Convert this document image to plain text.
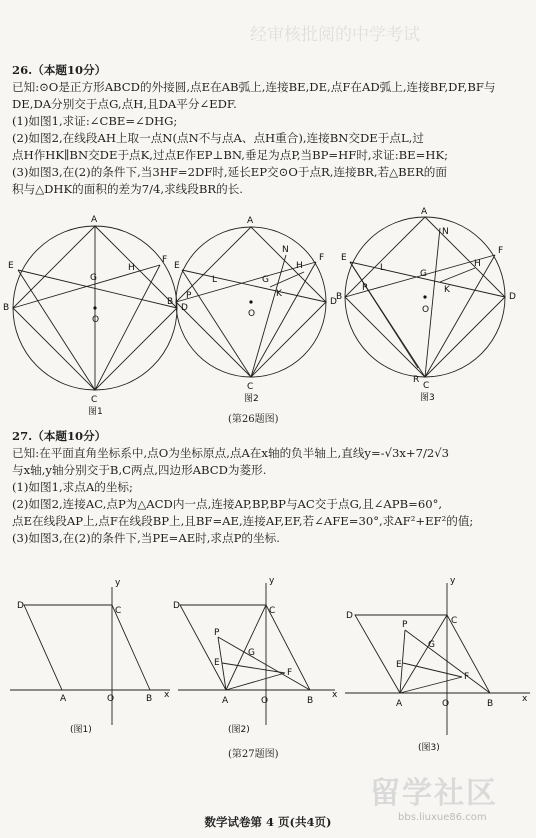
经审核批阅的中学考试
26.（本题10分）
已知:⊙O是正方形ABCD的外接圆,点E在AB弧上,连接BE,DE,点F在AD弧上,连接BF,DF,BF与
DE,DA分别交于点G,点H,且DA平分∠EDF.
(1)如图1,求证:∠CBE=∠DHG;
(2)如图2,在线段AH上取一点N(点N不与点A、点H重合),连接BN交DE于点L,过
点H作HK∥BN交DE于点K,过点E作EP⊥BN,垂足为点P,当BP=HF时,求证:BE=HK;
(3)如图3,在(2)的条件下,当3HF=2DF时,延长EP交⊙O于点R,连接BR,若△BER的面
积与△DHK的面积的差为7/4,求线段BR的长.
A
D
C
B
E
F
G
H
O
图1
A
D
C
B
E
F
L
N
G
H
K
P
O
图2
A
D
C
R
B
E
F
L
N
G
H
K
P
O
图3
(第26题图)
27.（本题10分）
已知:在平面直角坐标系中,点O为坐标原点,点A在x轴的负半轴上,直线y=-√3x+7/2√3
与x轴,y轴分别交于B,C两点,四边形ABCD为菱形.
(1)如图1,求点A的坐标;
(2)如图2,连接AC,点P为△ACD内一点,连接AP,BP,BP与AC交于点G,且∠APB=60°,
点E在线段AP上,点F在线段BP上,且BF=AE,连接AF,EF,若∠AFE=30°,求AF²+EF²的值;
(3)如图3,在(2)的条件下,当PE=AE时,求点P的坐标.
D	C
y
A	O	B x
(图1)
D	C
y
P
G
E
F
A	O	B
x
(图2)
D	C
y
P
G
E
F
A	O	B	x
(图3)
(第27题图)
留学社区
bbs.liuxue86.com
数学试卷第 4 页(共4页)
